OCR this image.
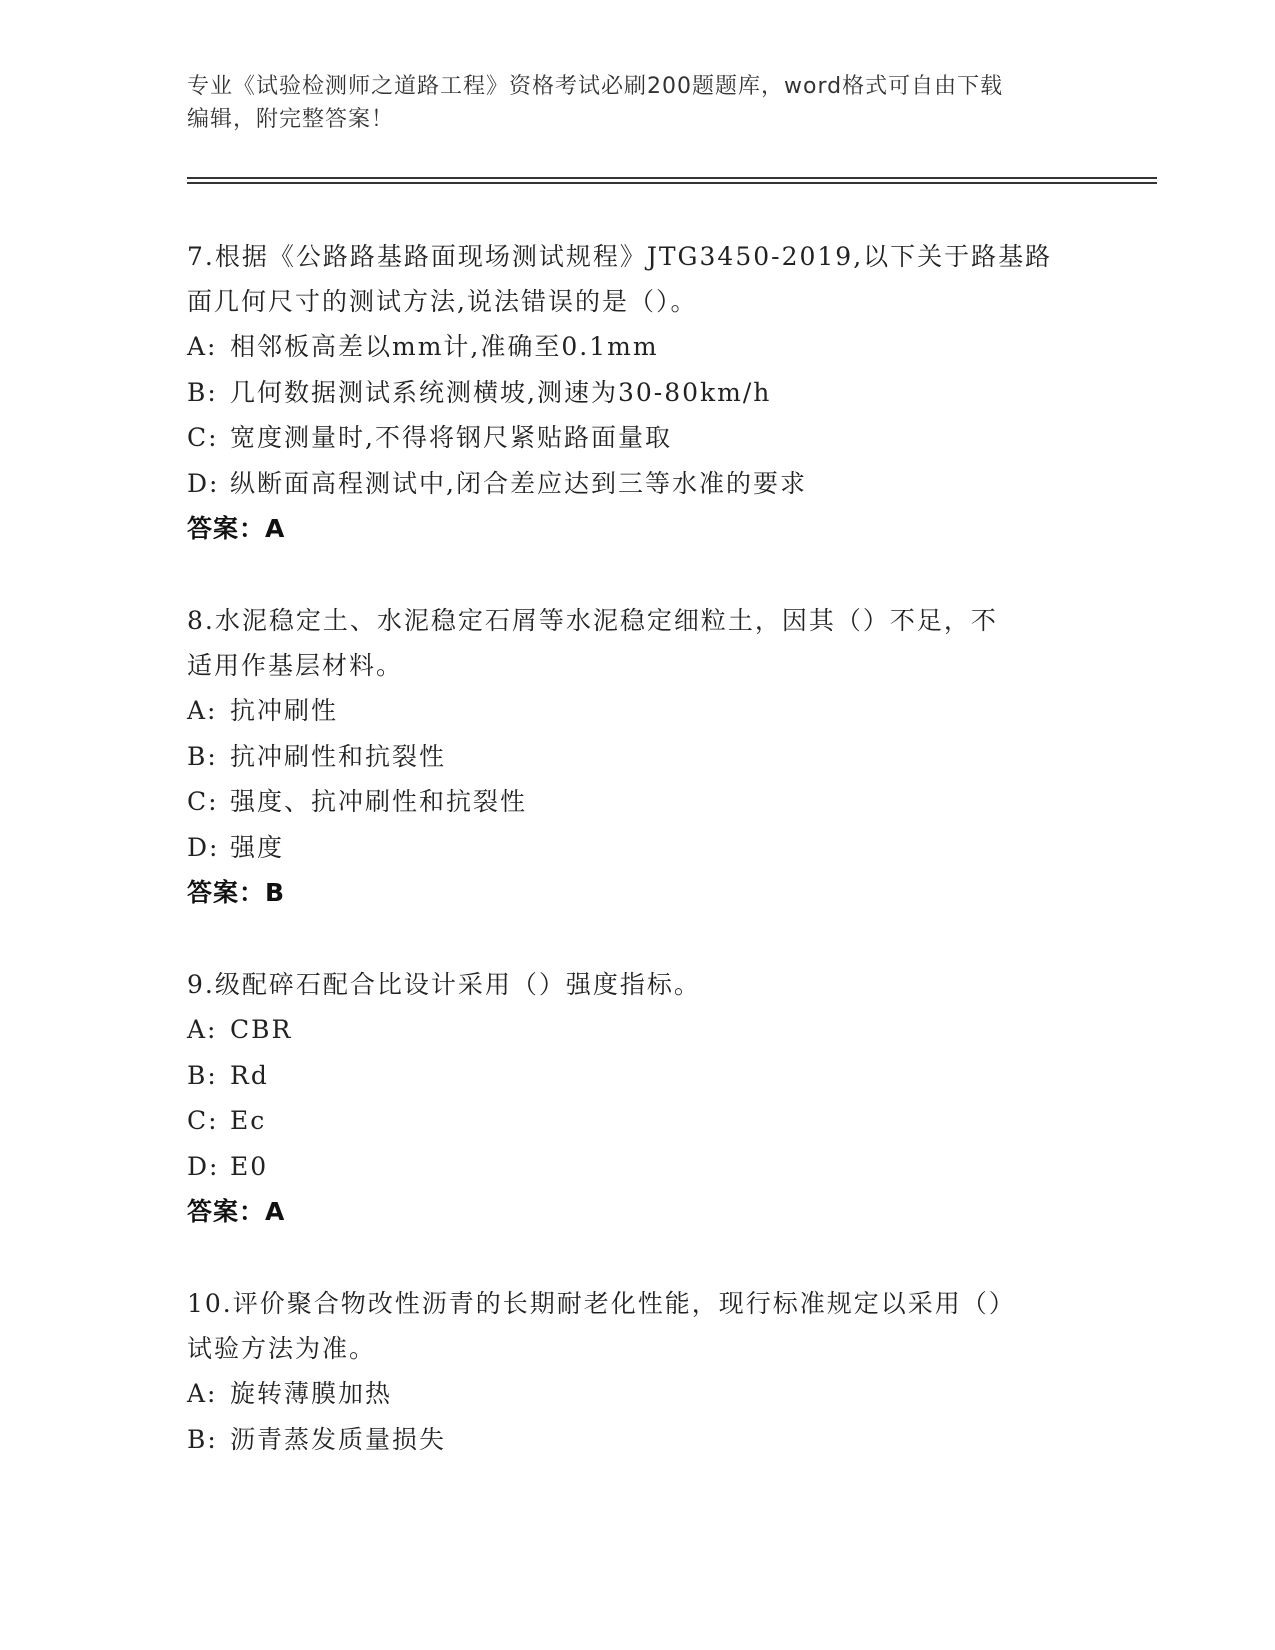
专业《试验检测师之道路工程》资格考试必刷200题题库，word格式可自由下载
编辑，附完整答案！
7.根据《公路路基路面现场测试规程》JTG3450-2019,以下关于路基路
面几何尺寸的测试方法,说法错误的是（）。
A: 相邻板高差以mm计,准确至0.1mm
B: 几何数据测试系统测横坡,测速为30-80km/h
C: 宽度测量时,不得将钢尺紧贴路面量取
D: 纵断面高程测试中,闭合差应达到三等水准的要求
答案：A
8.水泥稳定土、水泥稳定石屑等水泥稳定细粒土，因其（）不足，不
适用作基层材料。
A: 抗冲刷性
B: 抗冲刷性和抗裂性
C: 强度、抗冲刷性和抗裂性
D: 强度
答案：B
9.级配碎石配合比设计采用（）强度指标。
A: CBR
B: Rd
C: Ec
D: E0
答案：A
10.评价聚合物改性沥青的长期耐老化性能，现行标准规定以采用（）
试验方法为准。
A: 旋转薄膜加热
B: 沥青蒸发质量损失
